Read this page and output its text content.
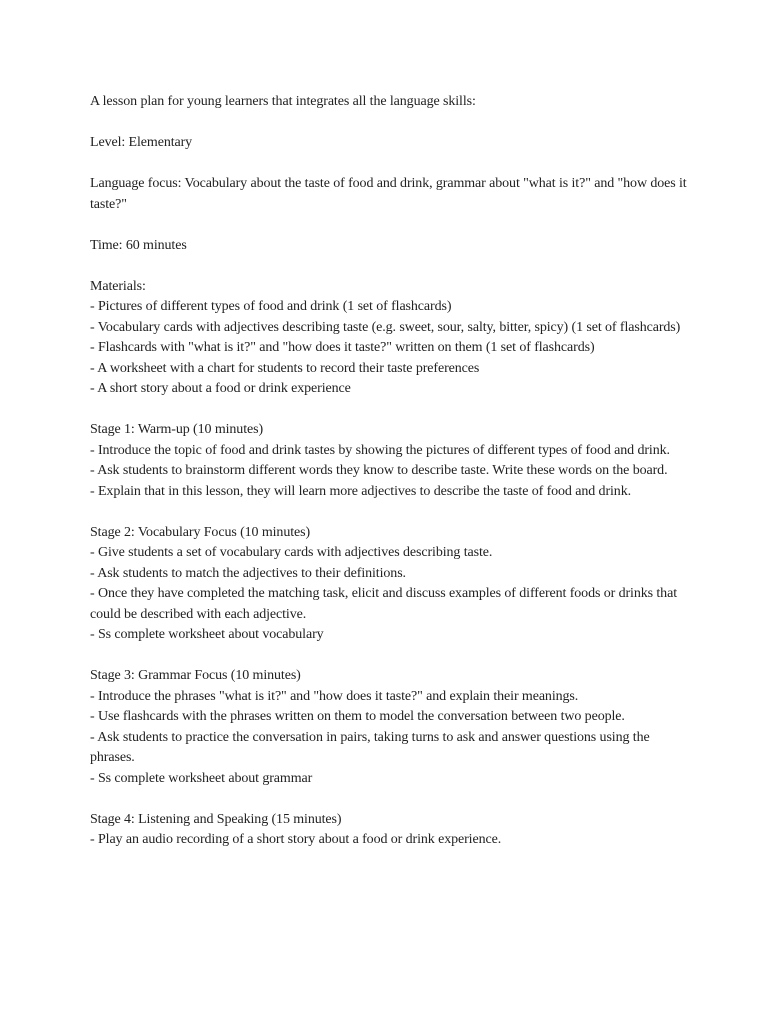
A lesson plan for young learners that integrates all the language skills:

Level: Elementary

Language focus: Vocabulary about the taste of food and drink, grammar about "what is it?" and "how does it taste?"

Time: 60 minutes

Materials:
- Pictures of different types of food and drink (1 set of flashcards)
- Vocabulary cards with adjectives describing taste (e.g. sweet, sour, salty, bitter, spicy) (1 set of flashcards)
- Flashcards with "what is it?" and "how does it taste?" written on them (1 set of flashcards)
- A worksheet with a chart for students to record their taste preferences
- A short story about a food or drink experience
Stage 1: Warm-up (10 minutes)
- Introduce the topic of food and drink tastes by showing the pictures of different types of food and drink.
- Ask students to brainstorm different words they know to describe taste. Write these words on the board.
- Explain that in this lesson, they will learn more adjectives to describe the taste of food and drink.
Stage 2: Vocabulary Focus (10 minutes)
- Give students a set of vocabulary cards with adjectives describing taste.
- Ask students to match the adjectives to their definitions.
- Once they have completed the matching task, elicit and discuss examples of different foods or drinks that could be described with each adjective.
- Ss complete worksheet about vocabulary
Stage 3: Grammar Focus (10 minutes)
- Introduce the phrases "what is it?" and "how does it taste?" and explain their meanings.
- Use flashcards with the phrases written on them to model the conversation between two people.
- Ask students to practice the conversation in pairs, taking turns to ask and answer questions using the phrases.
- Ss complete worksheet about grammar
Stage 4: Listening and Speaking (15 minutes)
- Play an audio recording of a short story about a food or drink experience.
